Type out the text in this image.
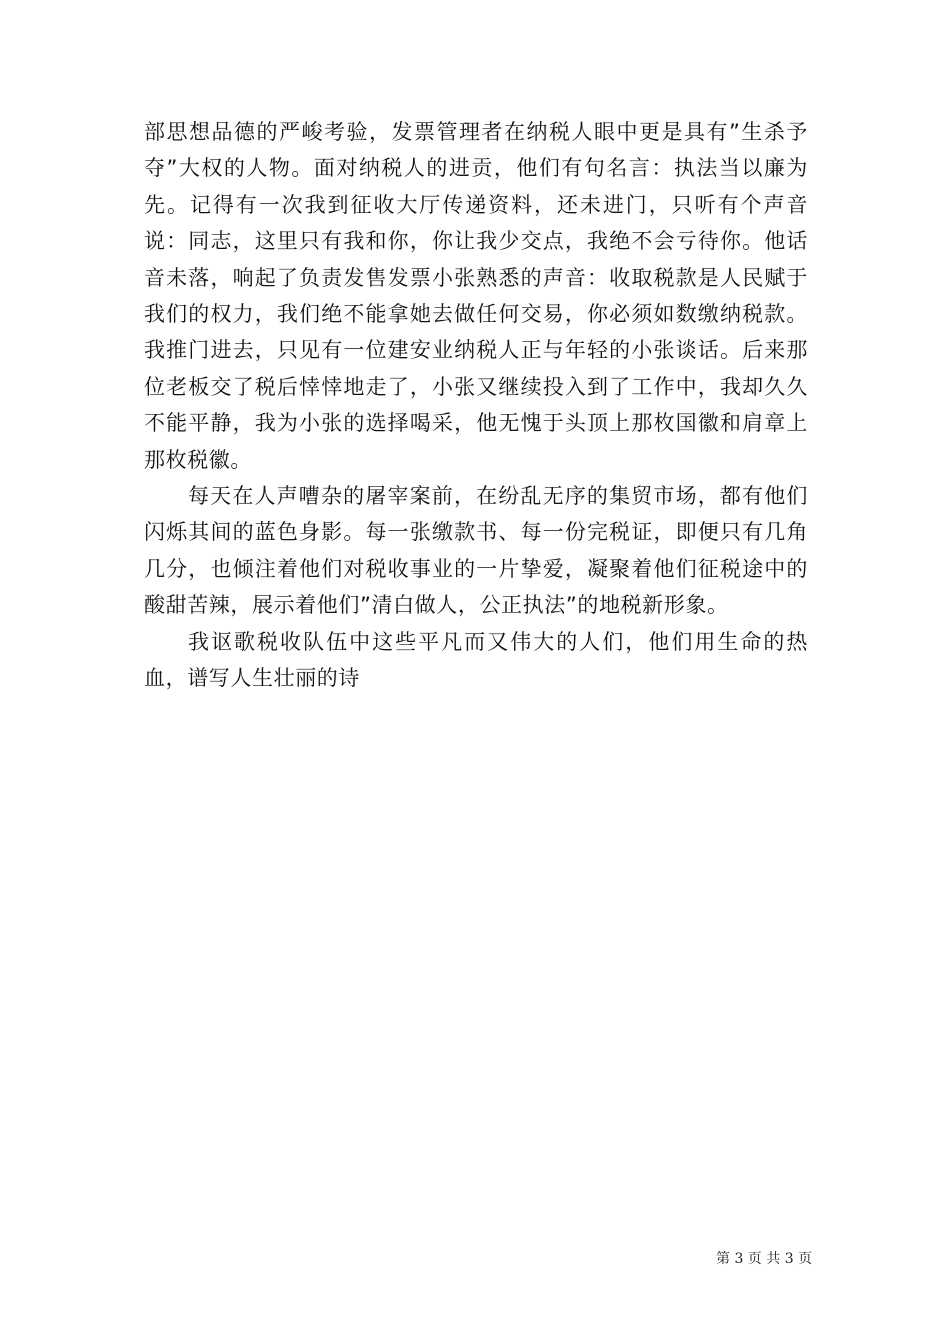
部思想品德的严峻考验，发票管理者在纳税人眼中更是具有”生杀予夺”大权的人物。面对纳税人的进贡，他们有句名言：执法当以廉为先。记得有一次我到征收大厅传递资料，还未进门，只听有个声音说：同志，这里只有我和你，你让我少交点，我绝不会亏待你。他话音未落，响起了负责发售发票小张熟悉的声音：收取税款是人民赋于我们的权力，我们绝不能拿她去做任何交易，你必须如数缴纳税款。我推门进去，只见有一位建安业纳税人正与年轻的小张谈话。后来那位老板交了税后悻悻地走了，小张又继续投入到了工作中，我却久久不能平静，我为小张的选择喝采，他无愧于头顶上那枚国徽和肩章上那枚税徽。

每天在人声嘈杂的屠宰案前，在纷乱无序的集贸市场，都有他们闪烁其间的蓝色身影。每一张缴款书、每一份完税证，即便只有几角几分，也倾注着他们对税收事业的一片挚爱，凝聚着他们征税途中的酸甜苦辣，展示着他们”清白做人，公正执法”的地税新形象。

我讴歌税收队伍中这些平凡而又伟大的人们，他们用生命的热血，谱写人生壮丽的诗

第 3 页 共 3 页
